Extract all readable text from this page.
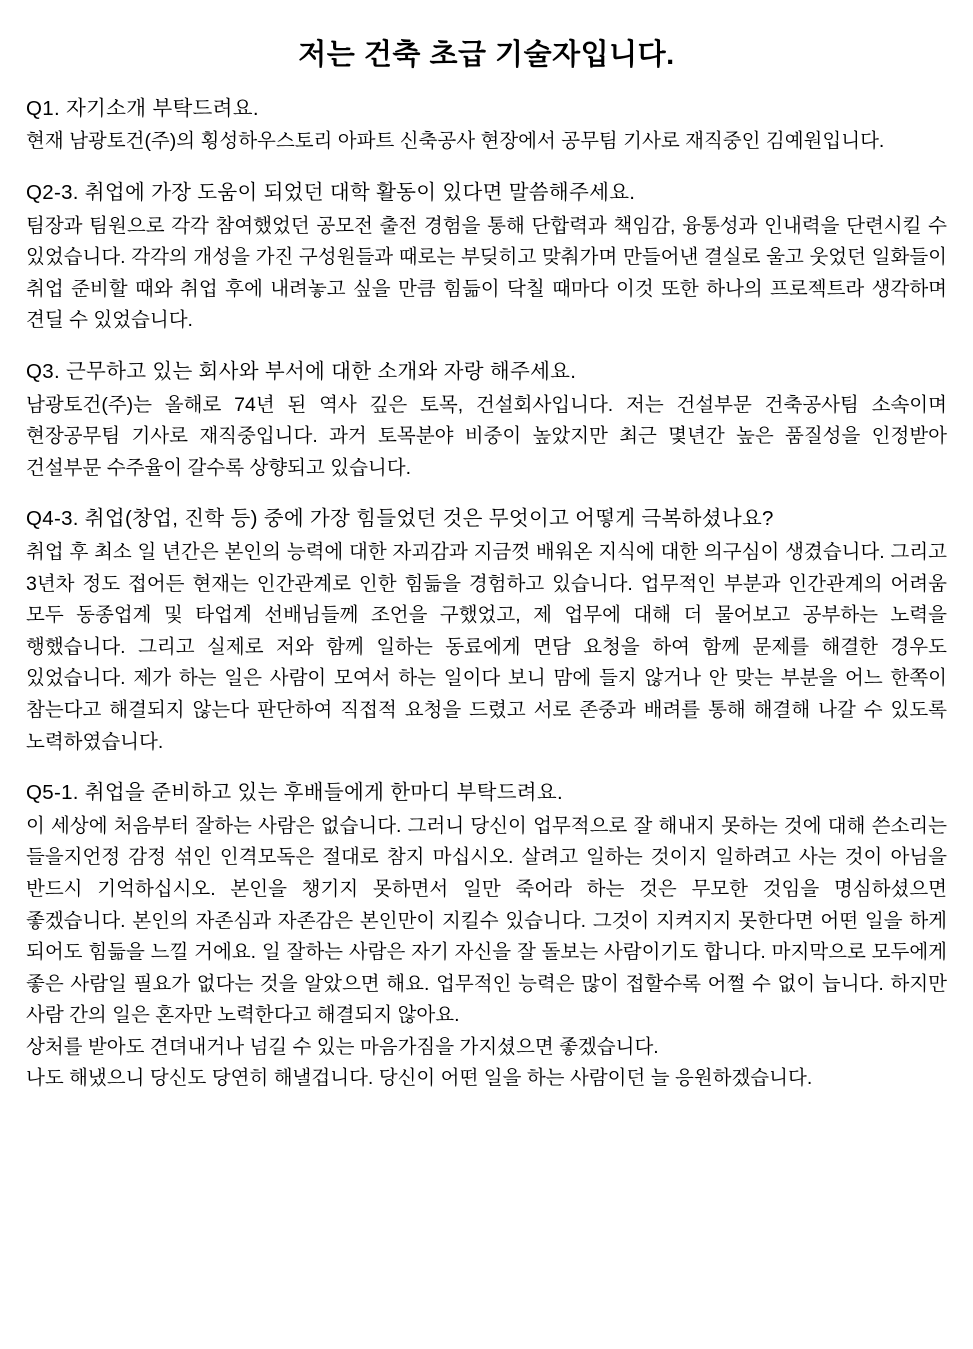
저는 건축 초급 기술자입니다.
Q1. 자기소개 부탁드려요.

현재 남광토건(주)의 횡성하우스토리 아파트 신축공사 현장에서 공무팀 기사로 재직중인 김예원입니다.

Q2-3. 취업에 가장 도움이 되었던 대학 활동이 있다면 말씀해주세요.

팀장과 팀원으로 각각 참여했었던 공모전 출전 경험을 통해 단합력과 책임감, 융통성과 인내력을 단련시킬 수 있었습니다. 각각의 개성을 가진 구성원들과 때로는 부딪히고 맞춰가며 만들어낸 결실로 울고 웃었던 일화들이 취업 준비할 때와 취업 후에 내려놓고 싶을 만큼 힘듦이 닥칠 때마다 이것 또한 하나의 프로젝트라 생각하며 견딜 수 있었습니다.

Q3. 근무하고 있는 회사와 부서에 대한 소개와 자랑 해주세요.

남광토건(주)는 올해로 74년 된 역사 깊은 토목, 건설회사입니다. 저는 건설부문 건축공사팀 소속이며 현장공무팀 기사로 재직중입니다. 과거 토목분야 비중이 높았지만 최근 몇년간 높은 품질성을 인정받아 건설부문 수주율이 갈수록 상향되고 있습니다.

Q4-3. 취업(창업, 진학 등) 중에 가장 힘들었던 것은 무엇이고 어떻게 극복하셨나요?

취업 후 최소 일 년간은 본인의 능력에 대한 자괴감과 지금껏 배워온 지식에 대한 의구심이 생겼습니다. 그리고 3년차 정도 접어든 현재는 인간관계로 인한 힘듦을 경험하고 있습니다. 업무적인 부분과 인간관계의 어려움 모두 동종업계 및 타업계 선배님들께 조언을 구했었고, 제 업무에 대해 더 물어보고 공부하는 노력을 행했습니다. 그리고 실제로 저와 함께 일하는 동료에게 면담 요청을 하여 함께 문제를 해결한 경우도 있었습니다. 제가 하는 일은 사람이 모여서 하는 일이다 보니 맘에 들지 않거나 안 맞는 부분을 어느 한쪽이 참는다고 해결되지 않는다 판단하여 직접적 요청을 드렸고 서로 존중과 배려를 통해 해결해 나갈 수 있도록 노력하였습니다.

Q5-1. 취업을 준비하고 있는 후배들에게 한마디 부탁드려요.

이 세상에 처음부터 잘하는 사람은 없습니다. 그러니 당신이 업무적으로 잘 해내지 못하는 것에 대해 쓴소리는 들을지언정 감정 섞인 인격모독은 절대로 참지 마십시오. 살려고 일하는 것이지 일하려고 사는 것이 아님을 반드시 기억하십시오. 본인을 챙기지 못하면서 일만 죽어라 하는 것은 무모한 것임을 명심하셨으면 좋겠습니다. 본인의 자존심과 자존감은 본인만이 지킬수 있습니다. 그것이 지켜지지 못한다면 어떤 일을 하게 되어도 힘듦을 느낄 거에요. 일 잘하는 사람은 자기 자신을 잘 돌보는 사람이기도 합니다. 마지막으로 모두에게 좋은 사람일 필요가 없다는 것을 알았으면 해요. 업무적인 능력은 많이 접할수록 어쩔 수 없이 늡니다. 하지만 사람 간의 일은 혼자만 노력한다고 해결되지 않아요.

상처를 받아도 견뎌내거나 넘길 수 있는 마음가짐을 가지셨으면 좋겠습니다.

나도 해냈으니 당신도 당연히 해낼겁니다. 당신이 어떤 일을 하는 사람이던 늘 응원하겠습니다.
